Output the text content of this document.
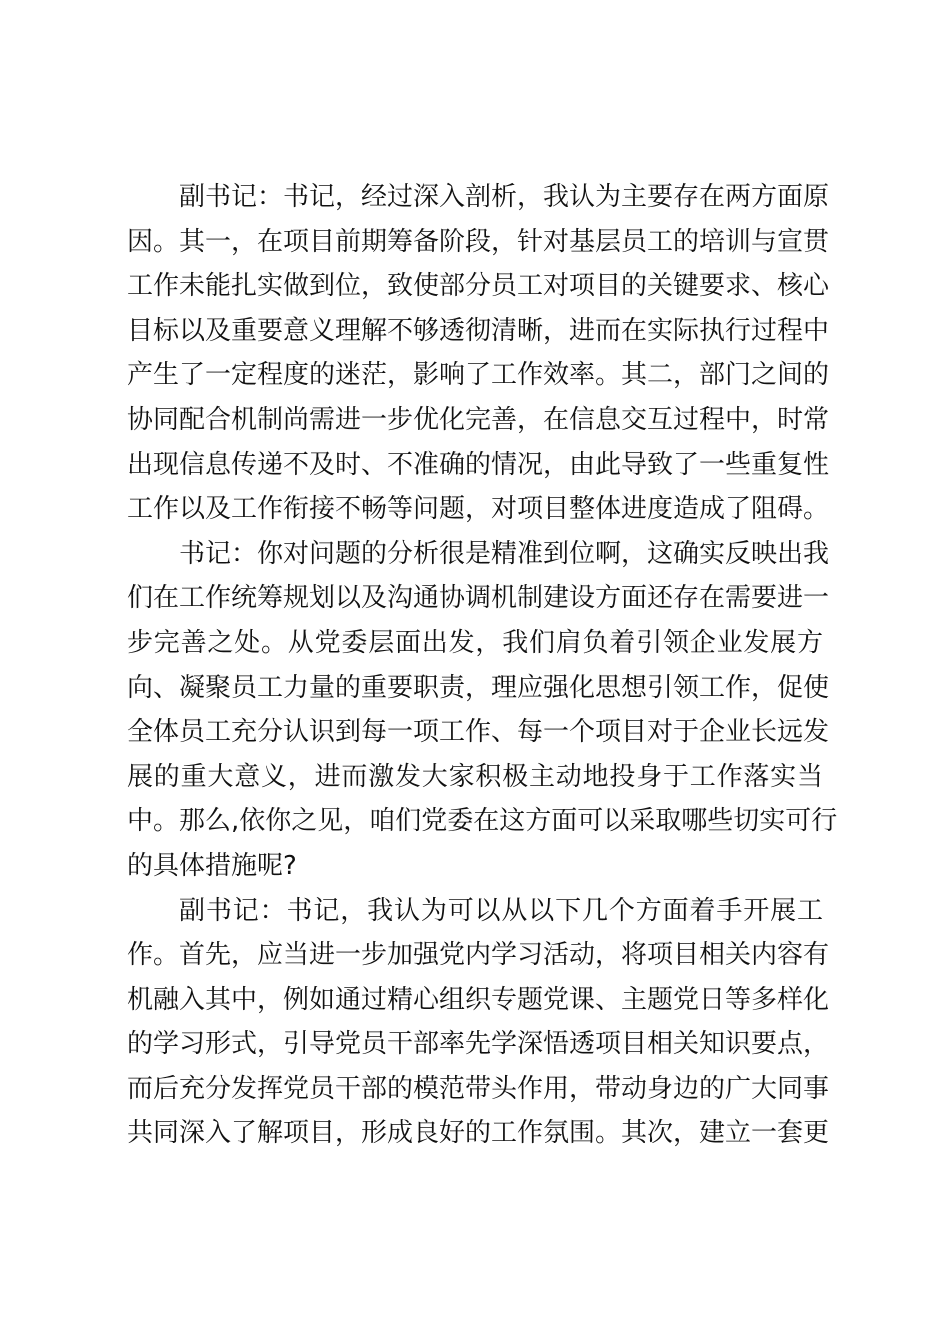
副书记：书记，经过深入剖析，我认为主要存在两方面原
因。其一，在项目前期筹备阶段，针对基层员工的培训与宣贯
工作未能扎实做到位，致使部分员工对项目的关键要求、核心
目标以及重要意义理解不够透彻清晰，进而在实际执行过程中
产生了一定程度的迷茫，影响了工作效率。其二，部门之间的
协同配合机制尚需进一步优化完善，在信息交互过程中，时常
出现信息传递不及时、不准确的情况，由此导致了一些重复性
工作以及工作衔接不畅等问题，对项目整体进度造成了阻碍。
书记：你对问题的分析很是精准到位啊，这确实反映出我
们在工作统筹规划以及沟通协调机制建设方面还存在需要进一
步完善之处。从党委层面出发，我们肩负着引领企业发展方
向、凝聚员工力量的重要职责，理应强化思想引领工作，促使
全体员工充分认识到每一项工作、每一个项目对于企业长远发
展的重大意义，进而激发大家积极主动地投身于工作落实当
中。那么,依你之见，咱们党委在这方面可以采取哪些切实可行
的具体措施呢?
副书记：书记，我认为可以从以下几个方面着手开展工
作。首先，应当进一步加强党内学习活动，将项目相关内容有
机融入其中，例如通过精心组织专题党课、主题党日等多样化
的学习形式，引导党员干部率先学深悟透项目相关知识要点，
而后充分发挥党员干部的模范带头作用，带动身边的广大同事
共同深入了解项目，形成良好的工作氛围。其次，建立一套更
